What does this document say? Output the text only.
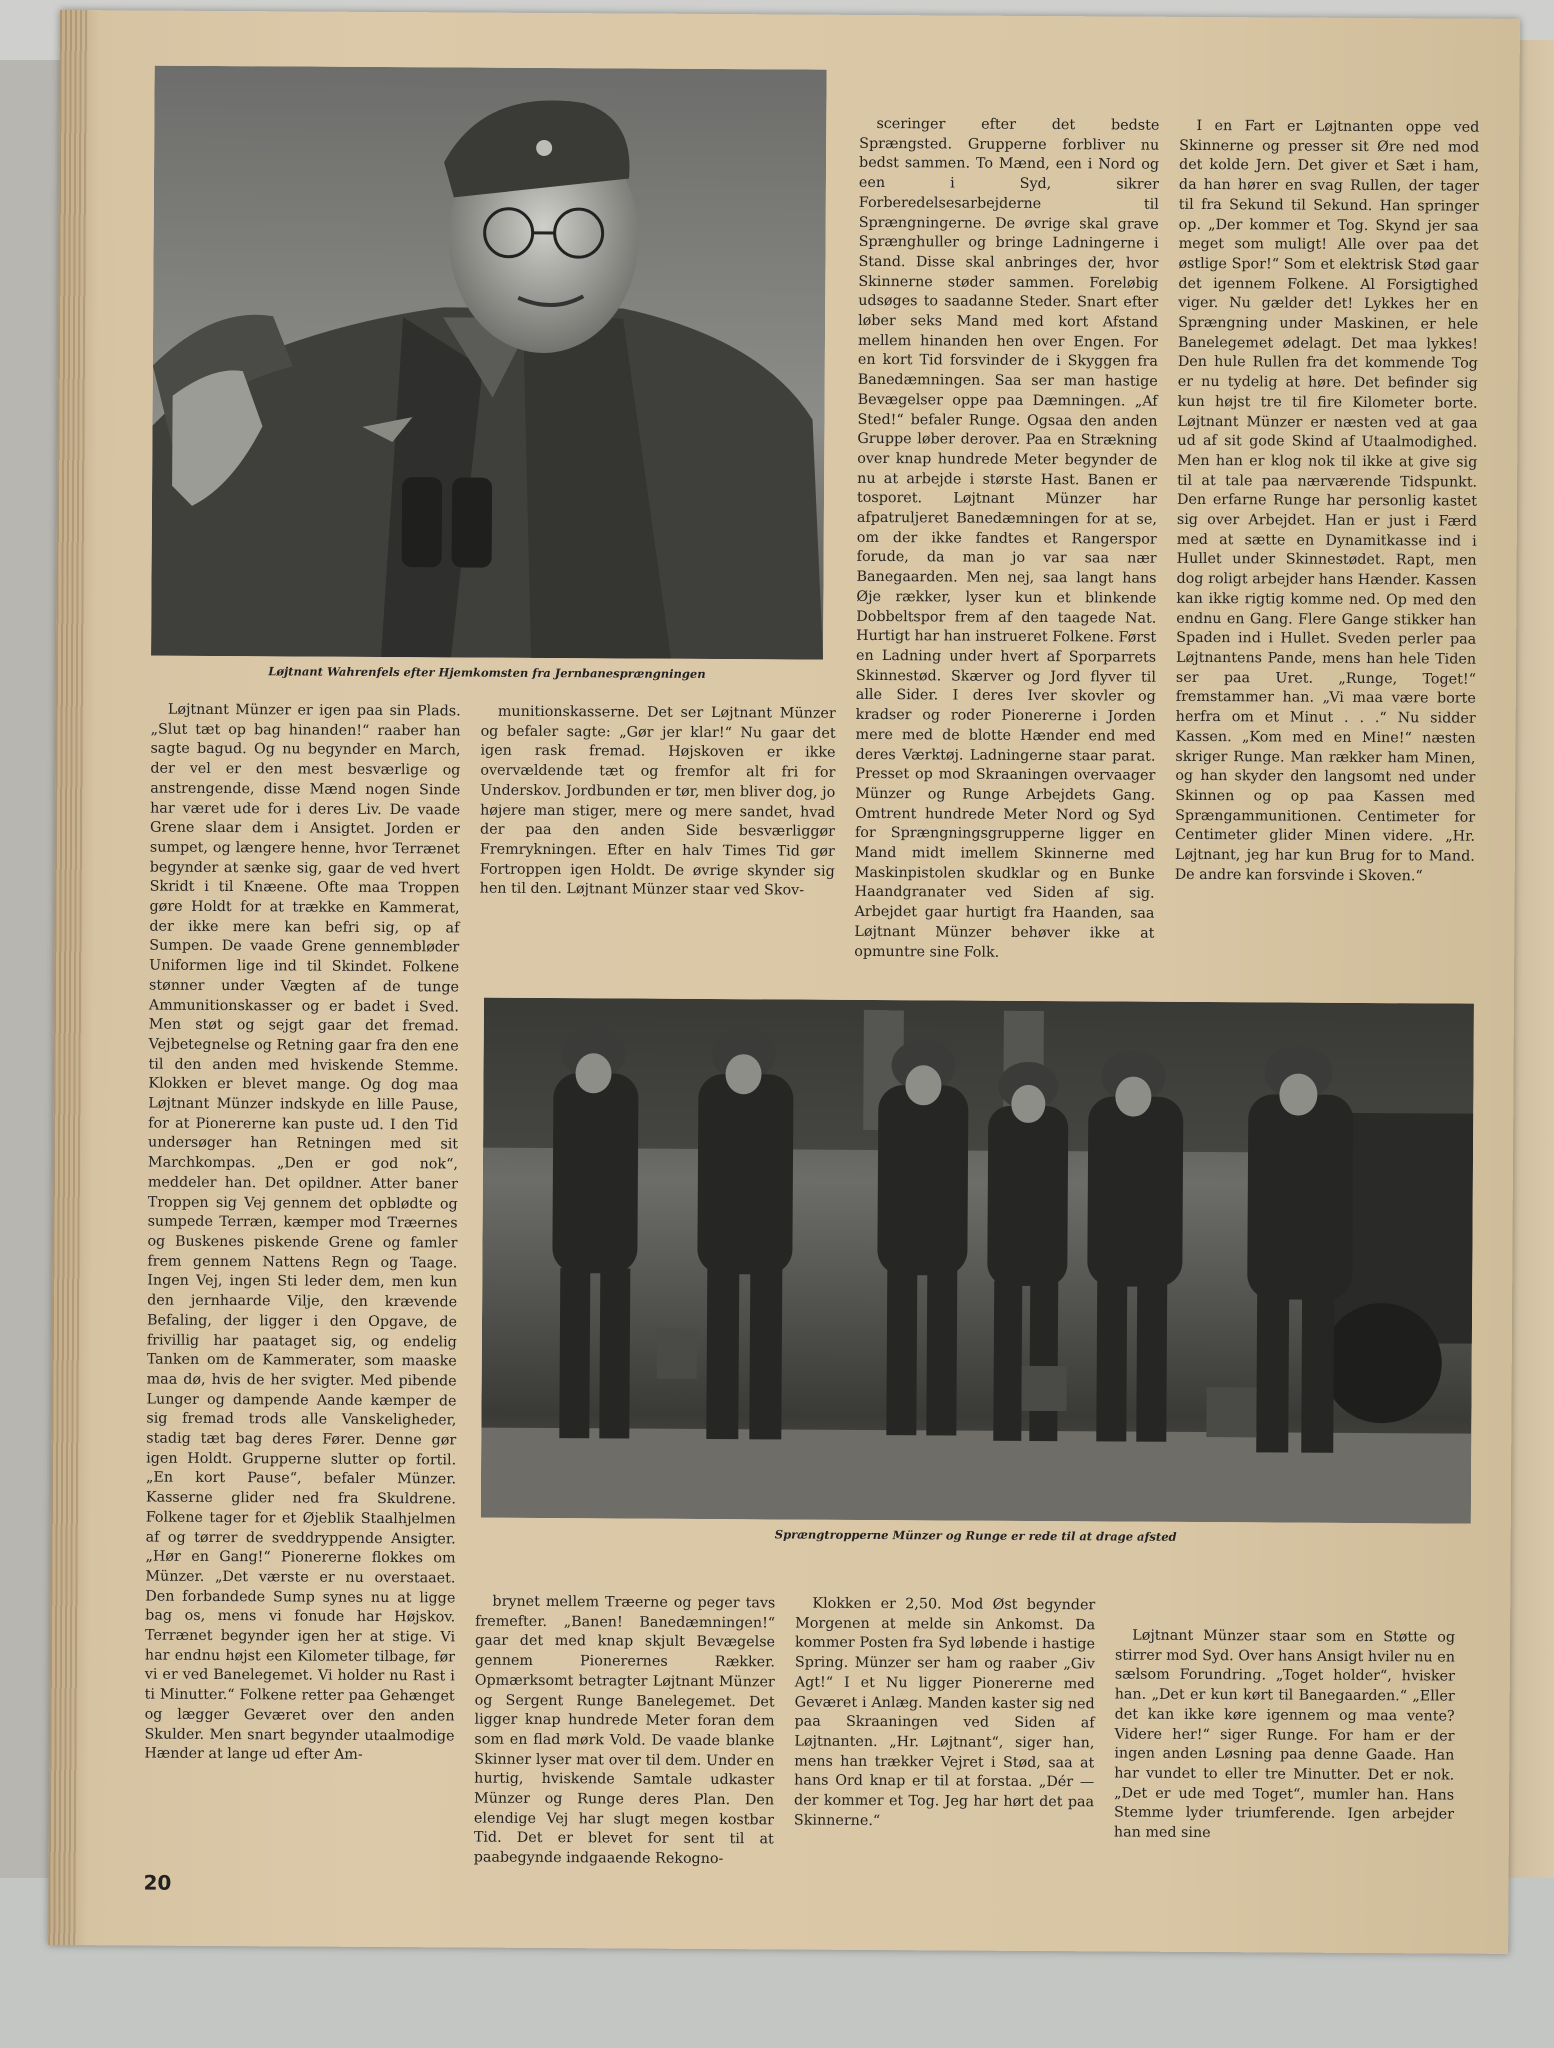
Løjtnant Wahrenfels efter Hjemkomsten fra Jernbanesprængningen
sceringer efter det bedste Sprængsted. Grupperne forbliver nu bedst sammen. To Mænd, een i Nord og een i Syd, sikrer Forberedelsesarbejderne til Sprængningerne. De øvrige skal grave Sprænghuller og bringe Ladningerne i Stand. Disse skal anbringes der, hvor Skinnerne støder sammen. Foreløbig udsøges to saadanne Steder. Snart efter løber seks Mand med kort Afstand mellem hinanden hen over Engen. For en kort Tid forsvinder de i Skyggen fra Banedæmningen. Saa ser man hastige Bevægelser oppe paa Dæmningen. „Af Sted!“ befaler Runge. Ogsaa den anden Gruppe løber derover. Paa en Strækning over knap hundrede Meter begynder de nu at arbejde i største Hast. Banen er tosporet. Løjtnant Münzer har afpatruljeret Banedæmningen for at se, om der ikke fandtes et Rangerspor forude, da man jo var saa nær Banegaarden. Men nej, saa langt hans Øje rækker, lyser kun et blinkende Dobbeltspor frem af den taagede Nat. Hurtigt har han instrueret Folkene. Først en Ladning under hvert af Sporparrets Skinnestød. Skærver og Jord flyver til alle Sider. I deres Iver skovler og kradser og roder Pionererne i Jorden mere med de blotte Hænder end med deres Værktøj. Ladningerne staar parat. Presset op mod Skraaningen overvaager Münzer og Runge Arbejdets Gang. Omtrent hundrede Meter Nord og Syd for Sprængningsgrupperne ligger en Mand midt imellem Skinnerne med Maskinpistolen skudklar og en Bunke Haandgranater ved Siden af sig. Arbejdet gaar hurtigt fra Haanden, saa Løjtnant Münzer behøver ikke at opmuntre sine Folk.
I en Fart er Løjtnanten oppe ved Skinnerne og presser sit Øre ned mod det kolde Jern. Det giver et Sæt i ham, da han hører en svag Rullen, der tager til fra Sekund til Sekund. Han springer op. „Der kommer et Tog. Skynd jer saa meget som muligt! Alle over paa det østlige Spor!“ Som et elektrisk Stød gaar det igennem Folkene. Al Forsigtighed viger. Nu gælder det! Lykkes her en Sprængning under Maskinen, er hele Banelegemet ødelagt. Det maa lykkes! Den hule Rullen fra det kommende Tog er nu tydelig at høre. Det befinder sig kun højst tre til fire Kilometer borte. Løjtnant Münzer er næsten ved at gaa ud af sit gode Skind af Utaalmodighed. Men han er klog nok til ikke at give sig til at tale paa nærværende Tidspunkt. Den erfarne Runge har personlig kastet sig over Arbejdet. Han er just i Færd med at sætte en Dynamitkasse ind i Hullet under Skinnestødet. Rapt, men dog roligt arbejder hans Hænder. Kassen kan ikke rigtig komme ned. Op med den endnu en Gang. Flere Gange stikker han Spaden ind i Hullet. Sveden perler paa Løjtnantens Pande, mens han hele Tiden ser paa Uret. „Runge, Toget!“ fremstammer han. „Vi maa være borte herfra om et Minut . . .“ Nu sidder Kassen. „Kom med en Mine!“ næsten skriger Runge. Man rækker ham Minen, og han skyder den langsomt ned under Skinnen og op paa Kassen med Sprængammunitionen. Centimeter for Centimeter glider Minen videre. „Hr. Løjtnant, jeg har kun Brug for to Mand. De andre kan forsvinde i Skoven.“
Løjtnant Münzer er igen paa sin Plads. „Slut tæt op bag hinanden!“ raaber han sagte bagud. Og nu begynder en March, der vel er den mest besværlige og anstrengende, disse Mænd nogen Sinde har været ude for i deres Liv. De vaade Grene slaar dem i Ansigtet. Jorden er sumpet, og længere henne, hvor Terrænet begynder at sænke sig, gaar de ved hvert Skridt i til Knæene. Ofte maa Troppen gøre Holdt for at trække en Kammerat, der ikke mere kan befri sig, op af Sumpen. De vaade Grene gennembløder Uniformen lige ind til Skindet. Folkene stønner under Vægten af de tunge Ammunitionskasser og er badet i Sved. Men støt og sejgt gaar det fremad. Vejbetegnelse og Retning gaar fra den ene til den anden med hviskende Stemme. Klokken er blevet mange. Og dog maa Løjtnant Münzer indskyde en lille Pause, for at Pionererne kan puste ud. I den Tid undersøger han Retningen med sit Marchkompas. „Den er god nok“, meddeler han. Det opildner. Atter baner Troppen sig Vej gennem det opblødte og sumpede Terræn, kæmper mod Træernes og Buskenes piskende Grene og famler frem gennem Nattens Regn og Taage. Ingen Vej, ingen Sti leder dem, men kun den jernhaarde Vilje, den krævende Befaling, der ligger i den Opgave, de frivillig har paataget sig, og endelig Tanken om de Kammerater, som maaske maa dø, hvis de her svigter. Med pibende Lunger og dampende Aande kæmper de sig fremad trods alle Vanskeligheder, stadig tæt bag deres Fører. Denne gør igen Holdt. Grupperne slutter op fortil. „En kort Pause“, befaler Münzer. Kasserne glider ned fra Skuldrene. Folkene tager for et Øjeblik Staalhjelmen af og tørrer de sveddryppende Ansigter. „Hør en Gang!“ Pionererne flokkes om Münzer. „Det værste er nu overstaaet. Den forbandede Sump synes nu at ligge bag os, mens vi fonude har Højskov. Terrænet begynder igen her at stige. Vi har endnu højst een Kilometer tilbage, før vi er ved Banelegemet. Vi holder nu Rast i ti Minutter.“ Folkene retter paa Gehænget og lægger Geværet over den anden Skulder. Men snart begynder utaalmodige Hænder at lange ud efter Am-
munitionskasserne. Det ser Løjtnant Münzer og befaler sagte: „Gør jer klar!“ Nu gaar det igen rask fremad. Højskoven er ikke overvældende tæt og fremfor alt fri for Underskov. Jordbunden er tør, men bliver dog, jo højere man stiger, mere og mere sandet, hvad der paa den anden Side besværliggør Fremrykningen. Efter en halv Times Tid gør Fortroppen igen Holdt. De øvrige skynder sig hen til den. Løjtnant Münzer staar ved Skov-
Sprængtropperne Münzer og Runge er rede til at drage afsted
brynet mellem Træerne og peger tavs fremefter. „Banen! Banedæmningen!“ gaar det med knap skjult Bevægelse gennem Pionerernes Rækker. Opmærksomt betragter Løjtnant Münzer og Sergent Runge Banelegemet. Det ligger knap hundrede Meter foran dem som en flad mørk Vold. De vaade blanke Skinner lyser mat over til dem. Under en hurtig, hviskende Samtale udkaster Münzer og Runge deres Plan. Den elendige Vej har slugt megen kostbar Tid. Det er blevet for sent til at paabegynde indgaaende Rekogno-
Klokken er 2,50. Mod Øst begynder Morgenen at melde sin Ankomst. Da kommer Posten fra Syd løbende i hastige Spring. Münzer ser ham og raaber „Giv Agt!“ I et Nu ligger Pionererne med Geværet i Anlæg. Manden kaster sig ned paa Skraaningen ved Siden af Løjtnanten. „Hr. Løjtnant“, siger han, mens han trækker Vejret i Stød, saa at hans Ord knap er til at forstaa. „Dér — der kommer et Tog. Jeg har hørt det paa Skinnerne.“
Løjtnant Münzer staar som en Støtte og stirrer mod Syd. Over hans Ansigt hviler nu en sælsom Forundring. „Toget holder“, hvisker han. „Det er kun kørt til Banegaarden.“ „Eller det kan ikke køre igennem og maa vente? Videre her!“ siger Runge. For ham er der ingen anden Løsning paa denne Gaade. Han har vundet to eller tre Minutter. Det er nok. „Det er ude med Toget“, mumler han. Hans Stemme lyder triumferende. Igen arbejder han med sine
20
